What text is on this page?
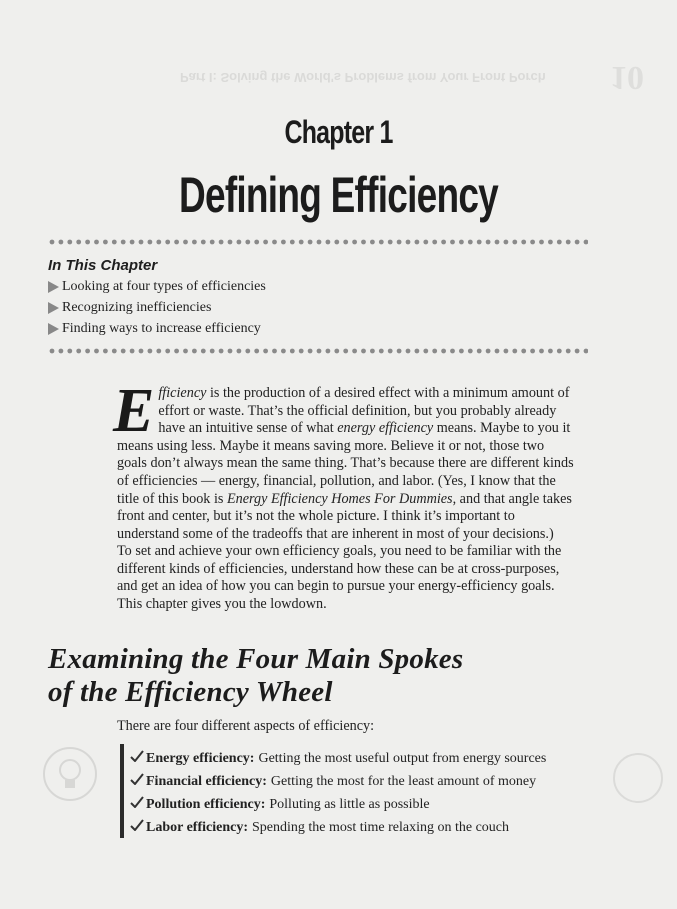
Part I: Solving the World's Problems from Your Front Porch	10
Chapter 1
Defining Efficiency
In This Chapter
Looking at four types of efficiencies
Recognizing inefficiencies
Finding ways to increase efficiency
E fficiency is the production of a desired effect with a minimum amount of effort or waste. That’s the official definition, but you probably already have an intuitive sense of what energy efficiency means. Maybe to you it means using less. Maybe it means saving more. Believe it or not, those two goals don’t always mean the same thing. That’s because there are different kinds of efficiencies — energy, financial, pollution, and labor. (Yes, I know that the title of this book is Energy Efficiency Homes For Dummies, and that angle takes front and center, but it’s not the whole picture. I think it’s important to understand some of the tradeoffs that are inherent in most of your decisions.)
To set and achieve your own efficiency goals, you need to be familiar with the different kinds of efficiencies, understand how these can be at cross-purposes, and get an idea of how you can begin to pursue your energy-efficiency goals. This chapter gives you the lowdown.
Examining the Four Main Spokes
of the Efficiency Wheel
There are four different aspects of efficiency:
Energy efficiency: Getting the most useful output from energy sources
Financial efficiency: Getting the most for the least amount of money
Pollution efficiency: Polluting as little as possible
Labor efficiency: Spending the most time relaxing on the couch
